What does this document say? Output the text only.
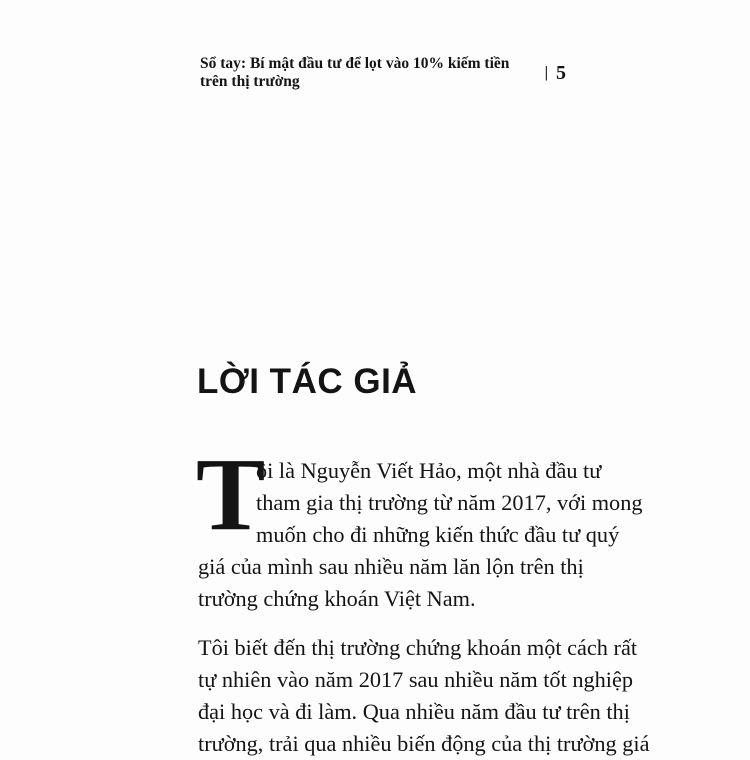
Sổ tay: Bí mật đầu tư để lọt vào 10% kiếm tiền trên thị trường
| 5
LỜI TÁC GIẢ
T
ôi là Nguyễn Viết Hảo, một nhà đầu tư
tham gia thị trường từ năm 2017, với mong
muốn cho đi những kiến thức đầu tư quý
giá của mình sau nhiều năm lăn lộn trên thị
trường chứng khoán Việt Nam.
Tôi biết đến thị trường chứng khoán một cách rất
tự nhiên vào năm 2017 sau nhiều năm tốt nghiệp
đại học và đi làm. Qua nhiều năm đầu tư trên thị
trường, trải qua nhiều biến động của thị trường giá
